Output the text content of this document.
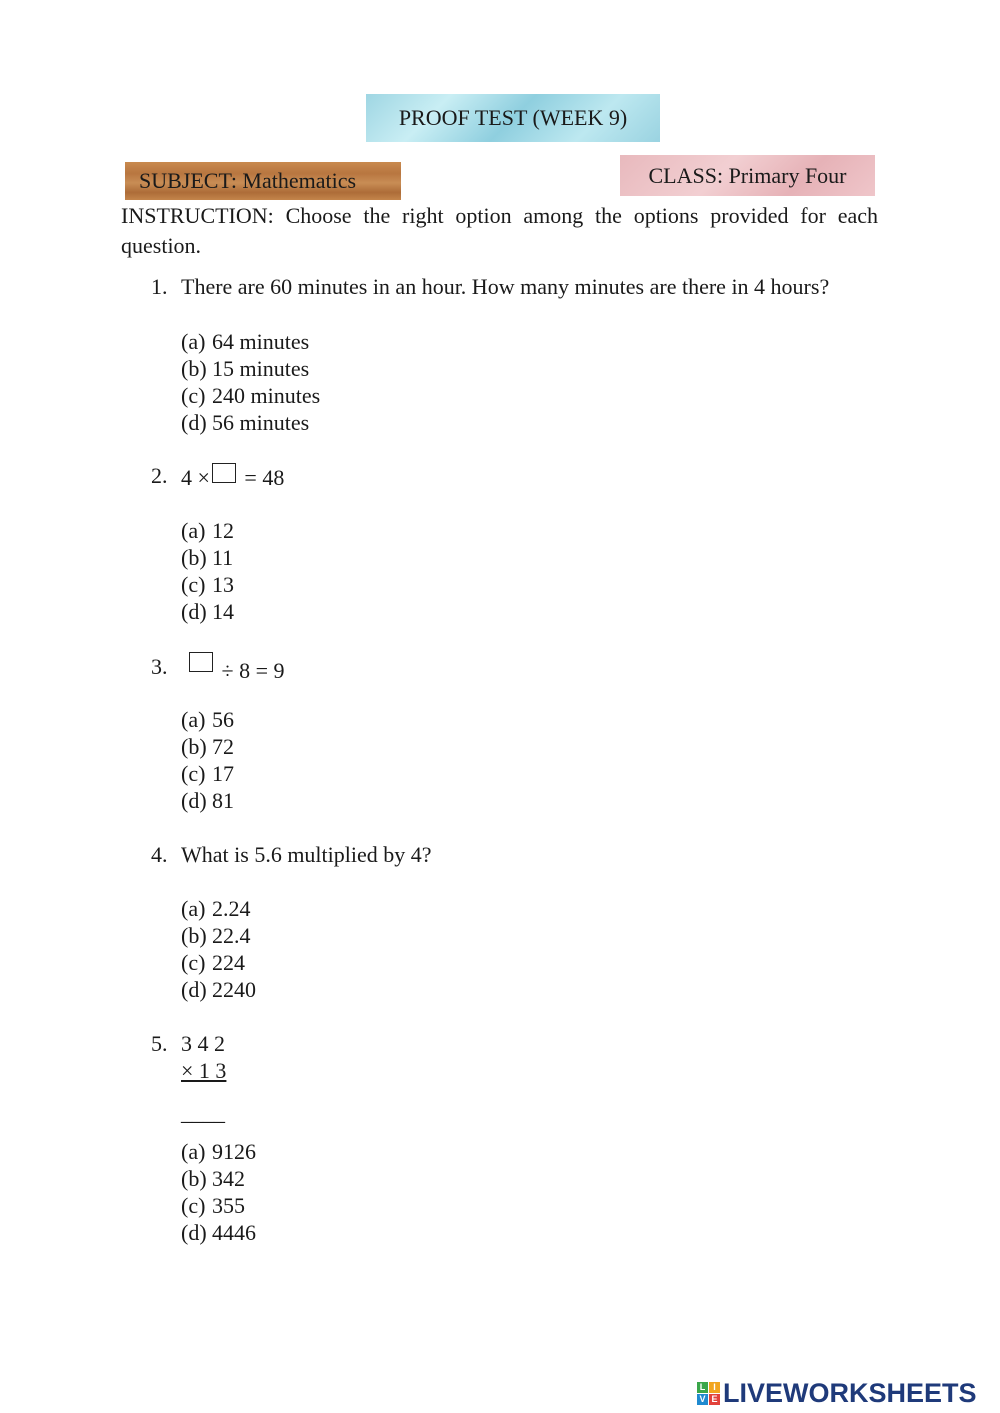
PROOF TEST (WEEK 9)
SUBJECT: Mathematics	CLASS: Primary Four
INSTRUCTION: Choose the right option among the options provided for each question.
1. There are 60 minutes in an hour. How many minutes are there in 4 hours?
(a) 64 minutes
(b) 15 minutes
(c) 240 minutes
(d) 56 minutes
2. 4 × = 48
(a) 12
(b) 11
(c) 13
(d) 14
3.	÷ 8 = 9
(a) 56
(b) 72
(c) 17
(d) 81
4. What is 5.6 multiplied by 4?
(a) 2.24
(b) 22.4
(c) 224
(d) 2240
5. 3 4 2
× 1 3
____
(a) 9126
(b) 342
(c) 355
(d) 4446
L I
V E LIVEWORKSHEETS
